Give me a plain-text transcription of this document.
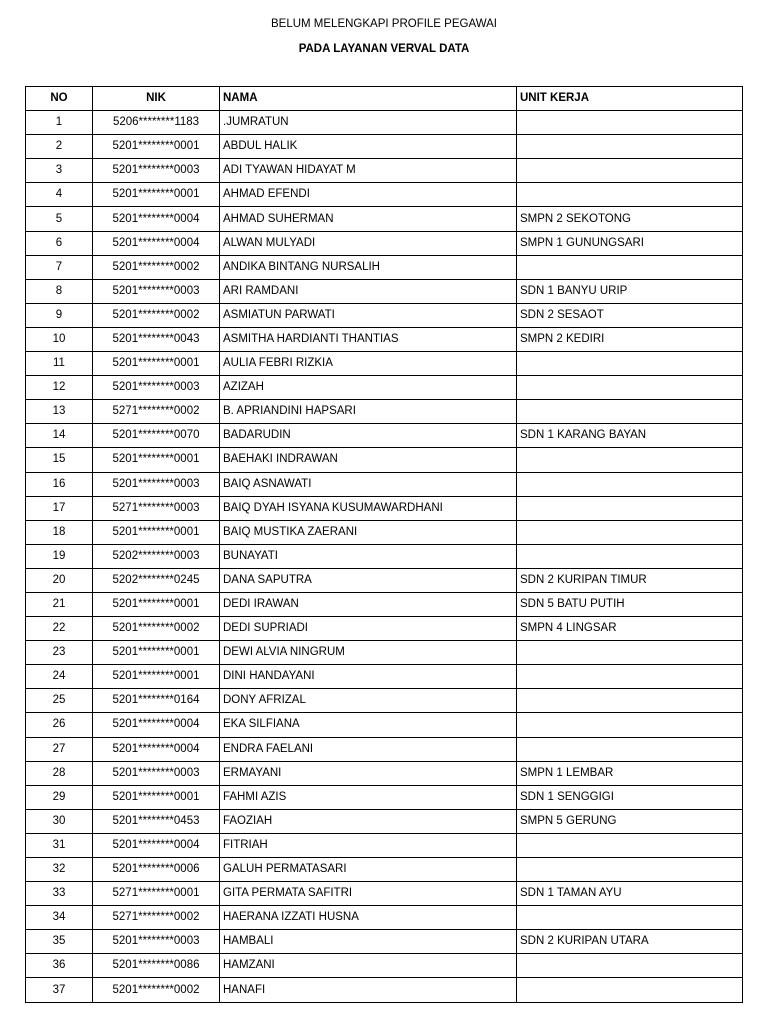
BELUM MELENGKAPI PROFILE PEGAWAI
PADA LAYANAN VERVAL DATA
NO	NIK	NAMA	UNIT KERJA
1	5206********1183	.JUMRATUN	
2	5201********0001	ABDUL HALIK	
3	5201********0003	ADI TYAWAN HIDAYAT M	
4	5201********0001	AHMAD EFENDI	
5	5201********0004	AHMAD SUHERMAN	SMPN 2 SEKOTONG
6	5201********0004	ALWAN MULYADI	SMPN 1 GUNUNGSARI
7	5201********0002	ANDIKA BINTANG NURSALIH	
8	5201********0003	ARI RAMDANI	SDN 1 BANYU URIP
9	5201********0002	ASMIATUN PARWATI	SDN 2 SESAOT
10	5201********0043	ASMITHA HARDIANTI THANTIAS	SMPN 2 KEDIRI
11	5201********0001	AULIA FEBRI RIZKIA	
12	5201********0003	AZIZAH	
13	5271********0002	B. APRIANDINI HAPSARI	
14	5201********0070	BADARUDIN	SDN 1 KARANG BAYAN
15	5201********0001	BAEHAKI INDRAWAN	
16	5201********0003	BAIQ ASNAWATI	
17	5271********0003	BAIQ DYAH ISYANA KUSUMAWARDHANI	
18	5201********0001	BAIQ MUSTIKA ZAERANI	
19	5202********0003	BUNAYATI	
20	5202********0245	DANA SAPUTRA	SDN 2 KURIPAN TIMUR
21	5201********0001	DEDI IRAWAN	SDN 5 BATU PUTIH
22	5201********0002	DEDI SUPRIADI	SMPN 4 LINGSAR
23	5201********0001	DEWI ALVIA NINGRUM	
24	5201********0001	DINI HANDAYANI	
25	5201********0164	DONY AFRIZAL	
26	5201********0004	EKA SILFIANA	
27	5201********0004	ENDRA FAELANI	
28	5201********0003	ERMAYANI	SMPN 1 LEMBAR
29	5201********0001	FAHMI AZIS	SDN 1 SENGGIGI
30	5201********0453	FAOZIAH	SMPN 5 GERUNG
31	5201********0004	FITRIAH	
32	5201********0006	GALUH PERMATASARI	
33	5271********0001	GITA PERMATA SAFITRI	SDN 1 TAMAN AYU
34	5271********0002	HAERANA IZZATI HUSNA	
35	5201********0003	HAMBALI	SDN 2 KURIPAN UTARA
36	5201********0086	HAMZANI	
37	5201********0002	HANAFI	
